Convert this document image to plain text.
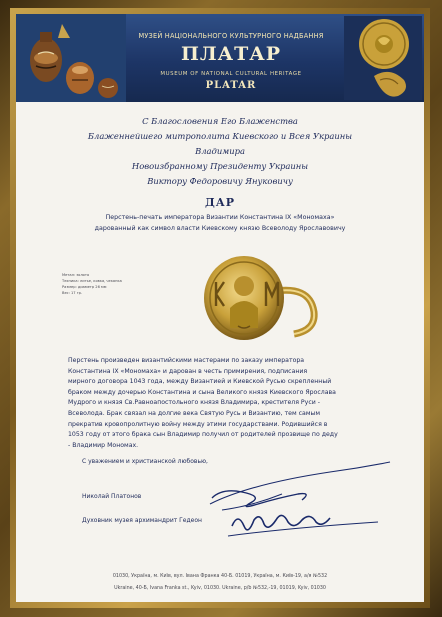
МУЗЕЙ НАЦІОНАЛЬНОГО КУЛЬТУРНОГО НАДБАННЯ
ПЛАТАР
MUSEUM OF NATIONAL CULTURAL HERITAGE
PLATAR
С Благословения Его Блаженства
Блаженнейшего митрополита Киевского и Всея Украины
Владимира
Новоизбранному Президенту Украины
Виктору Федоровичу Януковичу
ДАР
Перстень-печать императора Византии Константина IX «Мономаха»
дарованный как символ власти Киевскому князю Всеволоду Ярославовичу
Метал: золото
Техника: литье, ковка, чеканка
Размер: диаметр 26 мм
Вес: 17 гр.
Перстень произведен византийскими мастерами по заказу императора
Константина IX «Мономаха» и дарован в честь примирения, подписания
мирного договора 1043 года, между Византией и Киевской Русью скрепленный
браком между дочерью Константина и сына Великого князя Киевского Ярослава
Мудрого и князя Св.Равноапостольного князя Владимира, крестителя Руси -
Всеволода. Брак связал на долгие века Святую Русь и Византию, тем самым
прекратив кровопролитную войну между этими государствами. Родившийся в
1053 году от этого брака сын Владимир получил от родителей прозвище по деду
- Владимир Мономах.
С уважением и христианской любовью,
Николай Платонов
Духовник музея архимандрит Гедеон
01030, Україна, м. Київ, вул. Івана Франка 40-Б. 01019, Україна, м. Київ-19, а/я №532
Ukraine, 40-Б, Ivana Franka st., Kyiv, 01030. Ukraine, p/b №532,-19, 01019, Kyiv, 01030
